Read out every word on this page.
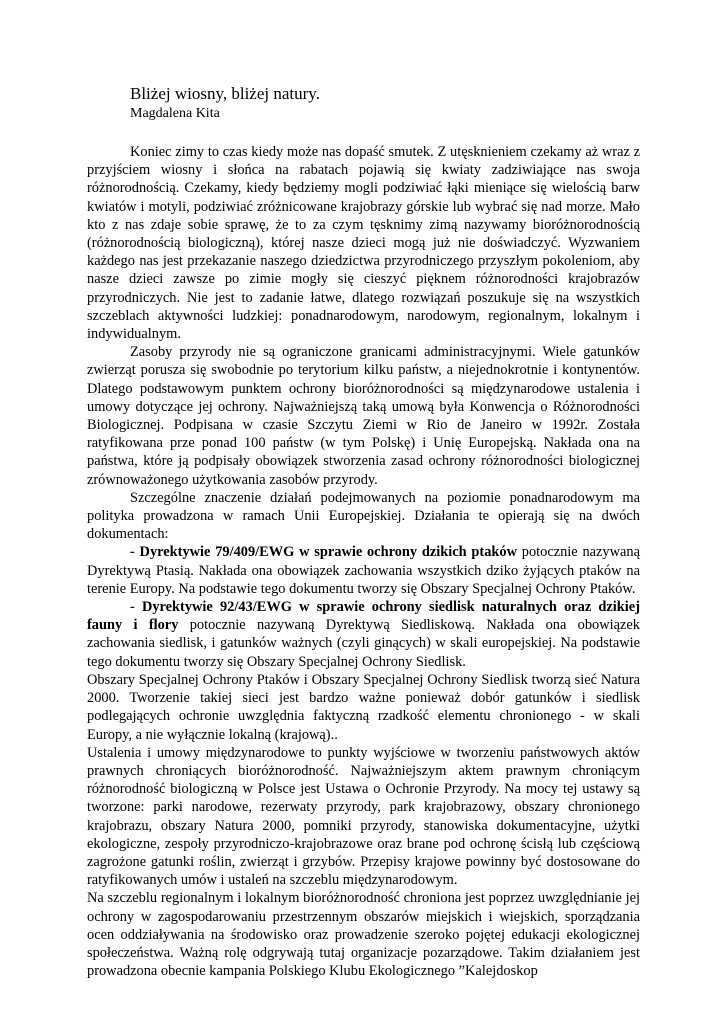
Bliżej wiosny, bliżej natury.
Magdalena Kita

Koniec zimy to czas kiedy może nas dopaść smutek. Z utęsknieniem czekamy aż wraz z przyjściem wiosny i słońca na rabatach pojawią się kwiaty zadziwiające nas swoja różnorodnością. Czekamy, kiedy będziemy mogli podziwiać łąki mieniące się wielością barw kwiatów i motyli, podziwiać zróżnicowane krajobrazy górskie lub wybrać się nad morze. Mało kto z nas zdaje sobie sprawę, że to za czym tęsknimy zimą nazywamy bioróżnorodnością (różnorodnością biologiczną), której nasze dzieci mogą już nie doświadczyć. Wyzwaniem każdego nas jest przekazanie naszego dziedzictwa przyrodniczego przyszłym pokoleniom, aby nasze dzieci zawsze po zimie mogły się cieszyć pięknem różnorodności krajobrazów przyrodniczych. Nie jest to zadanie łatwe, dlatego rozwiązań poszukuje się na wszystkich szczeblach aktywności ludzkiej: ponadnarodowym, narodowym, regionalnym, lokalnym i indywidualnym.

Zasoby przyrody nie są ograniczone granicami administracyjnymi. Wiele gatunków zwierząt porusza się swobodnie po terytorium kilku państw, a niejednokrotnie i kontynentów. Dlatego podstawowym punktem ochrony bioróżnorodności są międzynarodowe ustalenia i umowy dotyczące jej ochrony. Najważniejszą taką umową była Konwencja o Różnorodności Biologicznej. Podpisana w czasie Szczytu Ziemi w Rio de Janeiro w 1992r. Została ratyfikowana prze ponad 100 państw (w tym Polskę) i Unię Europejską. Nakłada ona na państwa, które ją podpisały obowiązek stworzenia zasad ochrony różnorodności biologicznej zrównoważonego użytkowania zasobów przyrody.

Szczególne znaczenie działań podejmowanych na poziomie ponadnarodowym ma polityka prowadzona w ramach Unii Europejskiej. Działania te opierają się na dwóch dokumentach:

- Dyrektywie 79/409/EWG w sprawie ochrony dzikich ptaków potocznie nazywaną Dyrektywą Ptasią. Nakłada ona obowiązek zachowania wszystkich dziko żyjących ptaków na terenie Europy. Na podstawie tego dokumentu tworzy się Obszary Specjalnej Ochrony Ptaków.

- Dyrektywie 92/43/EWG w sprawie ochrony siedlisk naturalnych oraz dzikiej fauny i flory potocznie nazywaną Dyrektywą Siedliskową. Nakłada ona obowiązek zachowania siedlisk, i gatunków ważnych (czyli ginących) w skali europejskiej. Na podstawie tego dokumentu tworzy się Obszary Specjalnej Ochrony Siedlisk.

Obszary Specjalnej Ochrony Ptaków i Obszary Specjalnej Ochrony Siedlisk tworzą sieć Natura 2000. Tworzenie takiej sieci jest bardzo ważne ponieważ dobór gatunków i siedlisk podlegających ochronie uwzględnia faktyczną rzadkość elementu chronionego - w skali Europy, a nie wyłącznie lokalną (krajową)..

Ustalenia i umowy międzynarodowe to punkty wyjściowe w tworzeniu państwowych aktów prawnych chroniących bioróżnorodność. Najważniejszym aktem prawnym chroniącym różnorodność biologiczną w Polsce jest Ustawa o Ochronie Przyrody. Na mocy tej ustawy są tworzone: parki narodowe, rezerwaty przyrody, park krajobrazowy, obszary chronionego krajobrazu, obszary Natura 2000, pomniki przyrody, stanowiska dokumentacyjne, użytki ekologiczne, zespoły przyrodniczo-krajobrazowe oraz brane pod ochronę ścisłą lub częściową zagrożone gatunki roślin, zwierząt i grzybów. Przepisy krajowe powinny być dostosowane do ratyfikowanych umów i ustaleń na szczeblu międzynarodowym.

Na szczeblu regionalnym i lokalnym bioróżnorodność chroniona jest poprzez uwzględnianie jej ochrony w zagospodarowaniu przestrzennym obszarów miejskich i wiejskich, sporządzania ocen oddziaływania na środowisko oraz prowadzenie szeroko pojętej edukacji ekologicznej społeczeństwa. Ważną rolę odgrywają tutaj organizacje pozarządowe. Takim działaniem jest prowadzona obecnie kampania Polskiego Klubu Ekologicznego ”Kalejdoskop
